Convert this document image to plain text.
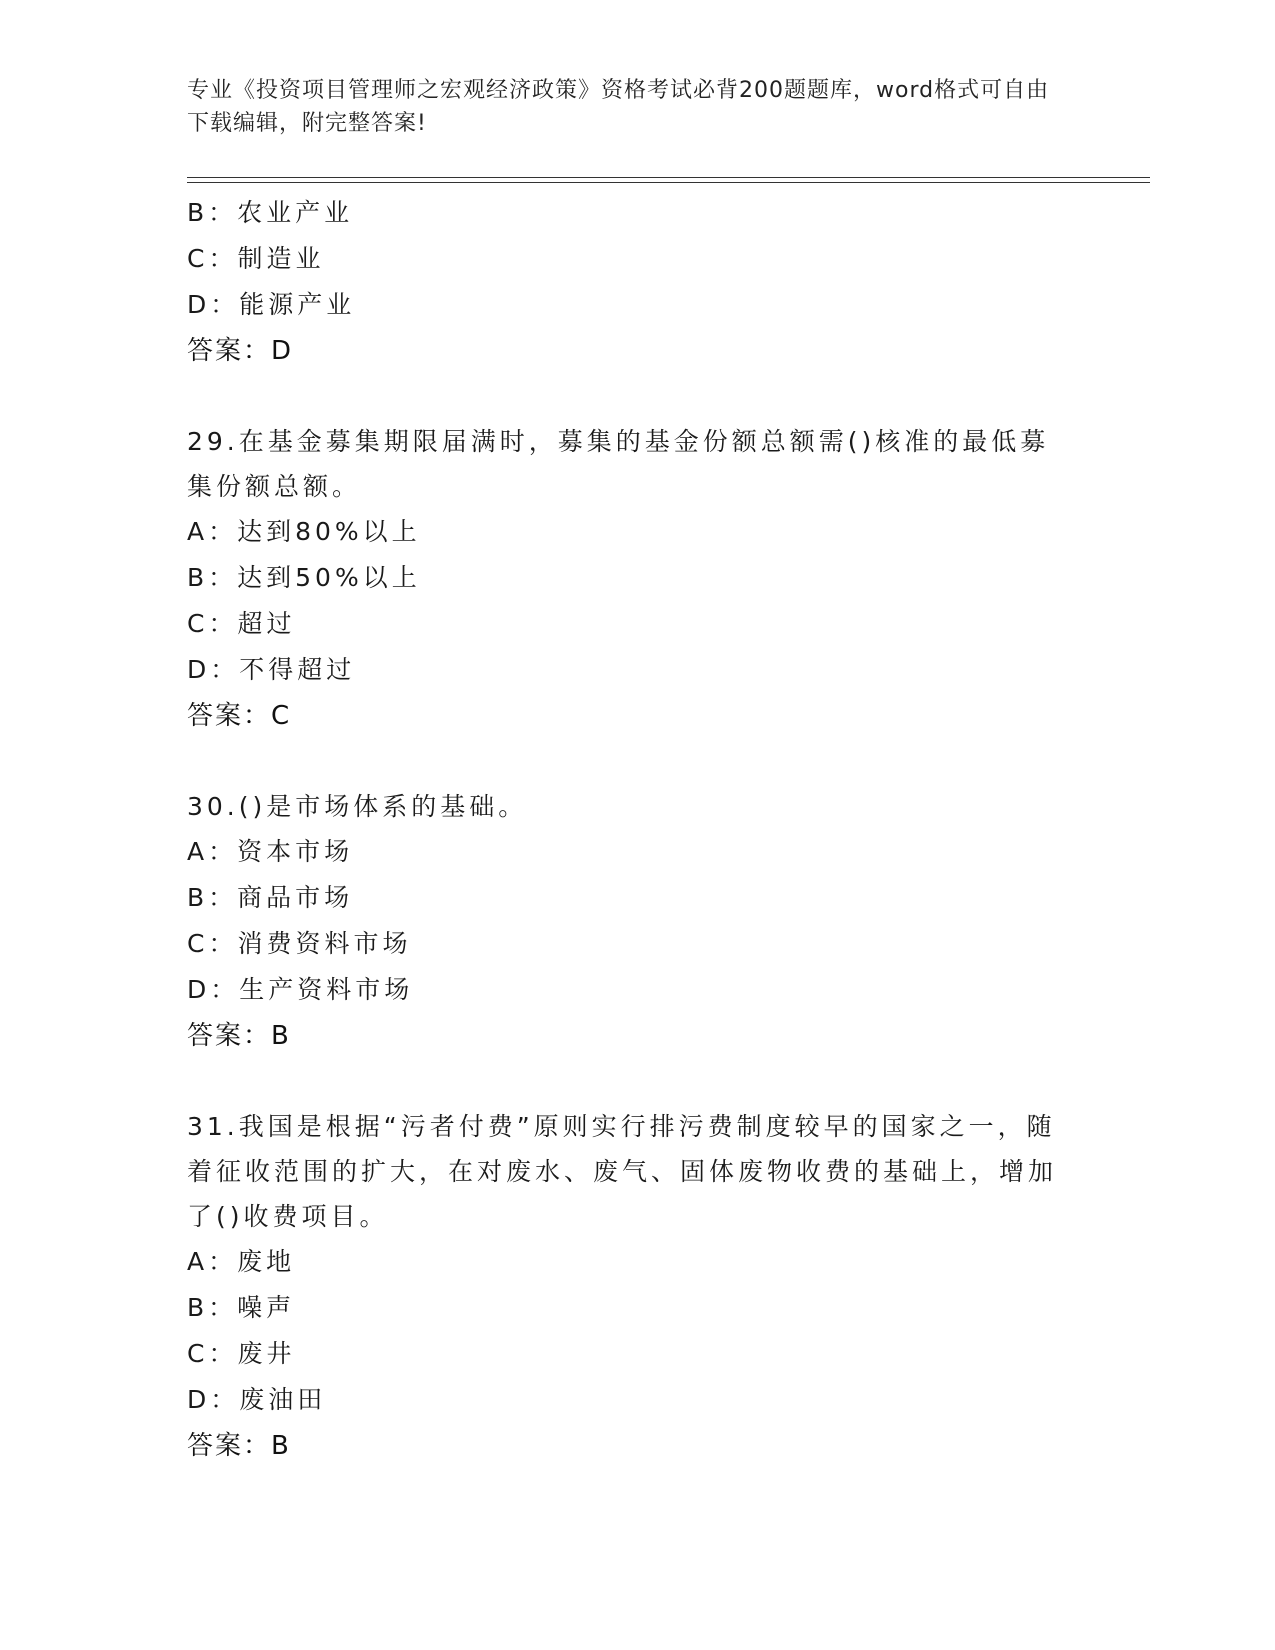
专业《投资项目管理师之宏观经济政策》资格考试必背200题题库，word格式可自由下载编辑，附完整答案!
B：农业产业
C：制造业
D：能源产业
答案：D
29.在基金募集期限届满时，募集的基金份额总额需()核准的最低募集份额总额。
A：达到80%以上
B：达到50%以上
C：超过
D：不得超过
答案：C
30.()是市场体系的基础。
A：资本市场
B：商品市场
C：消费资料市场
D：生产资料市场
答案：B
31.我国是根据“污者付费”原则实行排污费制度较早的国家之一，随着征收范围的扩大，在对废水、废气、固体废物收费的基础上，增加了()收费项目。
A：废地
B：噪声
C：废井
D：废油田
答案：B
